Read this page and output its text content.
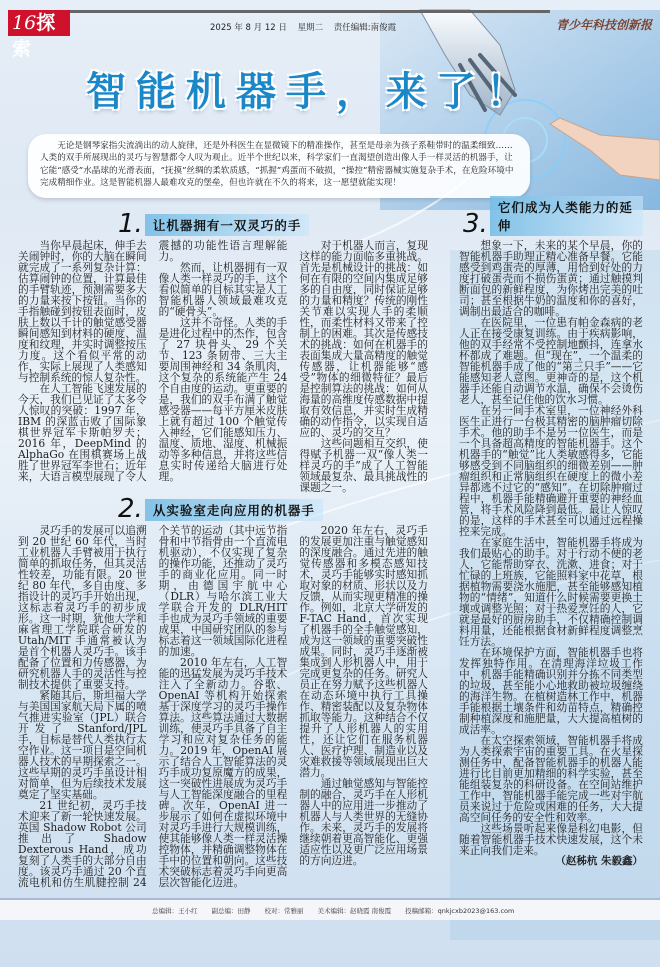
16探索
2025 年 8 月 12 日 星期二 责任编辑:南俊霞	青少年科技创新报
智能机器手，来了！
无论是钢琴家指尖流淌出的动人旋律，还是外科医生在显微镜下的精准操作，甚至是母亲为孩子系鞋带时的温柔细致……人类的双手所展现出的灵巧与智慧都令人叹为观止。近半个世纪以来，科学家们一直渴望创造出像人手一样灵活的机器手，让它能“感受”水晶球的光滑表面，“抚摸”丝绸的柔软质感，“抓握”鸡蛋而不破损，“操控”精密器械实施复杂手术，在危险环境中完成精细作业。这是智能机器人最难攻克的堡垒，但也许就在不久的将来，这一愿望就能实现！
1. 让机器拥有一双灵巧的手

当你早晨起床，伸手去关闹钟时，你的大脑在瞬间就完成了一系列复杂计算：估算闹钟的位置，计算最佳的手臂轨迹，预测需要多大的力量来按下按钮。当你的手指触碰到按钮表面时，皮肤上数以千计的触觉感受器瞬间感知到材料的硬度、温度和纹理，并实时调整按压力度。这个看似平常的动作，实际上展现了人类感知与控制系统的惊人复杂性。

在人工智能飞速发展的今天，我们已见证了太多令人惊叹的突破：1997 年，IBM 的深蓝击败了国际象棋世界冠军卡斯帕罗夫；2016 年，DeepMind 的 AlphaGo 在围棋赛场上战胜了世界冠军李世石；近年来，大语言模型展现了令人震撼的功能性语言理解能力。

然而，让机器拥有一双像人类一样灵巧的手，这个看似简单的目标其实是人工智能机器人领域最难攻克的“硬骨头”。

这并不奇怪。人类的手是进化过程中的杰作，包含了 27 块骨头、29 个关节、123 条韧带、三大主要周围神经和 34 条肌肉，这个复杂的系统能产生 24 个自由度的运动。更重要的是，我们的双手布满了触觉感受器——每平方厘米皮肤上就有超过 100 个触觉传入神经，它们能感知压力、温度、质地、湿度、机械振动等多种信息，并将这些信息实时传递给大脑进行处理。

对于机器人而言，复现这样的能力面临多重挑战。首先是机械设计的挑战：如何在有限的空间内集成足够多的自由度，同时保证足够的力量和精度？传统的刚性关节难以实现人手的柔顺性，而柔性材料又带来了控制上的困难。其次是传感技术的挑战：如何在机器手的表面集成大量高精度的触觉传感器，让机器能够“感受”物体的细微特征？最后是控制算法的挑战：如何从海量的高维度传感数据中提取有效信息，并实时生成精确的动作指令，以实现自适应的、灵巧的交互？

这些问题相互交织，使得赋予机器一双“像人类一样灵巧的手”成了人工智能领域最复杂、最具挑战性的课题之一。

2. 从实验室走向应用的机器手

灵巧手的发展可以追溯到 20 世纪 60 年代，当时工业机器人手臂被用于执行简单的抓取任务，但其灵活性较差，功能有限。20 世纪 80 年代，多自由度、多指设计的灵巧手开始出现，这标志着灵巧手的初步成形。这一时期，犹他大学和麻省理工学院联合研发的 Utah/MIT 手通常被认为是首个机器人灵巧手。该手配备了位置和力传感器，为研究机器人手的灵活性与控制技术提供了重要支持。

紧随其后，斯坦福大学与美国国家航天局下属的喷气推进实验室（JPL）联合开发了 Stanford/JPL 手，目标是替代人类执行太空作业。这一项目是空间机器人技术的早期探索之一。这些早期的灵巧手虽设计相对简单，但为后续技术发展奠定了坚实基础。

21 世纪初，灵巧手技术迎来了新一轮快速发展。英国 Shadow Robot 公司推出了 Shadow Dexterous Hand，成功复刻了人类手的大部分自由度。该灵巧手通过 20 个直流电机和仿生肌腱控制 24 个关节的运动（其中远节指骨和中节指骨由一个直流电机驱动），不仅实现了复杂的操作功能，还推动了灵巧手的商业化应用。同一时期，由德国宇航中心（DLR）与哈尔滨工业大学联合开发的 DLR/HIT 手也成为灵巧手领域的重要成果，中国研究团队的参与标志着这一领域国际化进程的加速。

2010 年左右，人工智能的迅猛发展为灵巧手技术注入了全新动力。谷歌、OpenAI 等机构开始探索基于深度学习的灵巧手操作算法。这些算法通过大数据训练，使灵巧手具备了自主学习和应对复杂任务的能力。2019 年，OpenAI 展示了结合人工智能算法的灵巧手成功复原魔方的成果，这一突破性进展成为灵巧手与人工智能深度融合的里程碑。次年，OpenAI 进一步展示了如何在虚拟环境中对灵巧手进行大规模训练，使其能够像人类一样灵活操控物体，并精确调整物体在手中的位置和朝向。这些技术突破标志着灵巧手向更高层次智能化迈进。

2020 年左右，灵巧手的发展更加注重与触觉感知的深度融合。通过先进的触觉传感器和多模态感知技术，灵巧手能够实时感知抓取对象的材质、形状以及力反馈，从而实现更精准的操作。例如，北京大学研发的 F-TAC Hand，首次实现了机器手的全手触觉感知，成为这一领域的重要突破性成果。同时，灵巧手逐渐被集成到人形机器人中，用于完成更复杂的任务。研究人员正在努力赋予这些机器人在动态环境中执行工具操作、精密装配以及复杂物体抓取等能力。这种结合不仅提升了人形机器人的实用性，还让它们在服务机器人、医疗护理、制造业以及灾难救援等领域展现出巨大潜力。

通过触觉感知与智能控制的融合，灵巧手在人形机器人中的应用进一步推动了机器人与人类世界的无缝协作。未来，灵巧手的发展将继续朝着更高智能化、更强适应性以及更广泛应用场景的方向迈进。

3.
它们成为人类能力的延伸

想象一下，未来的某个早晨，你的智能机器手助理正精心准备早餐。它能感受到鸡蛋壳的厚薄，用恰到好处的力度打破蛋壳而不损伤蛋黄；通过触摸判断面包的新鲜程度，为你烤出完美的吐司；甚至根据牛奶的温度和你的喜好，调制出最适合的咖啡。

在医院里，一位患有帕金森病的老人正在接受康复训练。由于疾病影响，他的双手经常不受控制地颤抖，连拿水杯都成了难题。但“现在”，一个温柔的智能机器手成了他的“第三只手”——它能感知老人意图。更神奇的是，这个机器手还能自动调节水温，确保不会烫伤老人，甚至记住他的饮水习惯。

在另一间手术室里，一位神经外科医生正进行一台极其精密的脑肿瘤切除手术。他的助手不是另一位医生，而是一个具备超高精度的智能机器手。这个机器手的“触觉”比人类敏感得多，它能够感受到不同脑组织的细微差别——肿瘤组织和正常脑组织在硬度上的微小差异都逃不过它的“感知”。在切除肿瘤过程中，机器手能精确避开重要的神经血管，将手术风险降到最低。最让人惊叹的是，这样的手术甚至可以通过远程操控来完成。

在家庭生活中，智能机器手将成为我们最贴心的助手。对于行动不便的老人，它能帮助穿衣、洗漱、进食；对于忙碌的上班族，它能照料家中花草，根据植物需要浇水施肥，甚至能够感知植物的“情绪”，知道什么时候需要更换土壤或调整光照；对于热爱烹饪的人，它就是最好的厨房助手，不仅精确控制调料用量，还能根据食材新鲜程度调整烹饪方法。

在环境保护方面，智能机器手也将发挥独特作用。在清理海洋垃圾工作中，机器手能精确识别并分拣不同类型的垃圾，甚至能小心地救助被垃圾缠绕的海洋生物。在植树造林工作中，机器手能根据土壤条件和幼苗特点，精确控制种植深度和施肥量，大大提高植树的成活率。

在太空探索领域，智能机器手将成为人类探索宇宙的重要工具。在火星探测任务中，配备智能机器手的机器人能进行比目前更加精细的科学实验，甚至能组装复杂的科研设备。在空间站维护工作中，智能机器手能完成一些对宇航员来说过于危险或困难的任务，大大提高空间任务的安全性和效率。

这些场景听起来像是科幻电影，但随着智能机器手技术快速发展，这个未来正向我们走来。

（赵秭杭 朱毅鑫）
总编辑：王小红 副总编：田静 校对：常雅丽 美术编辑：赵晓霞 南俊霞 投稿邮箱：qnkjcxb2023@163.com
